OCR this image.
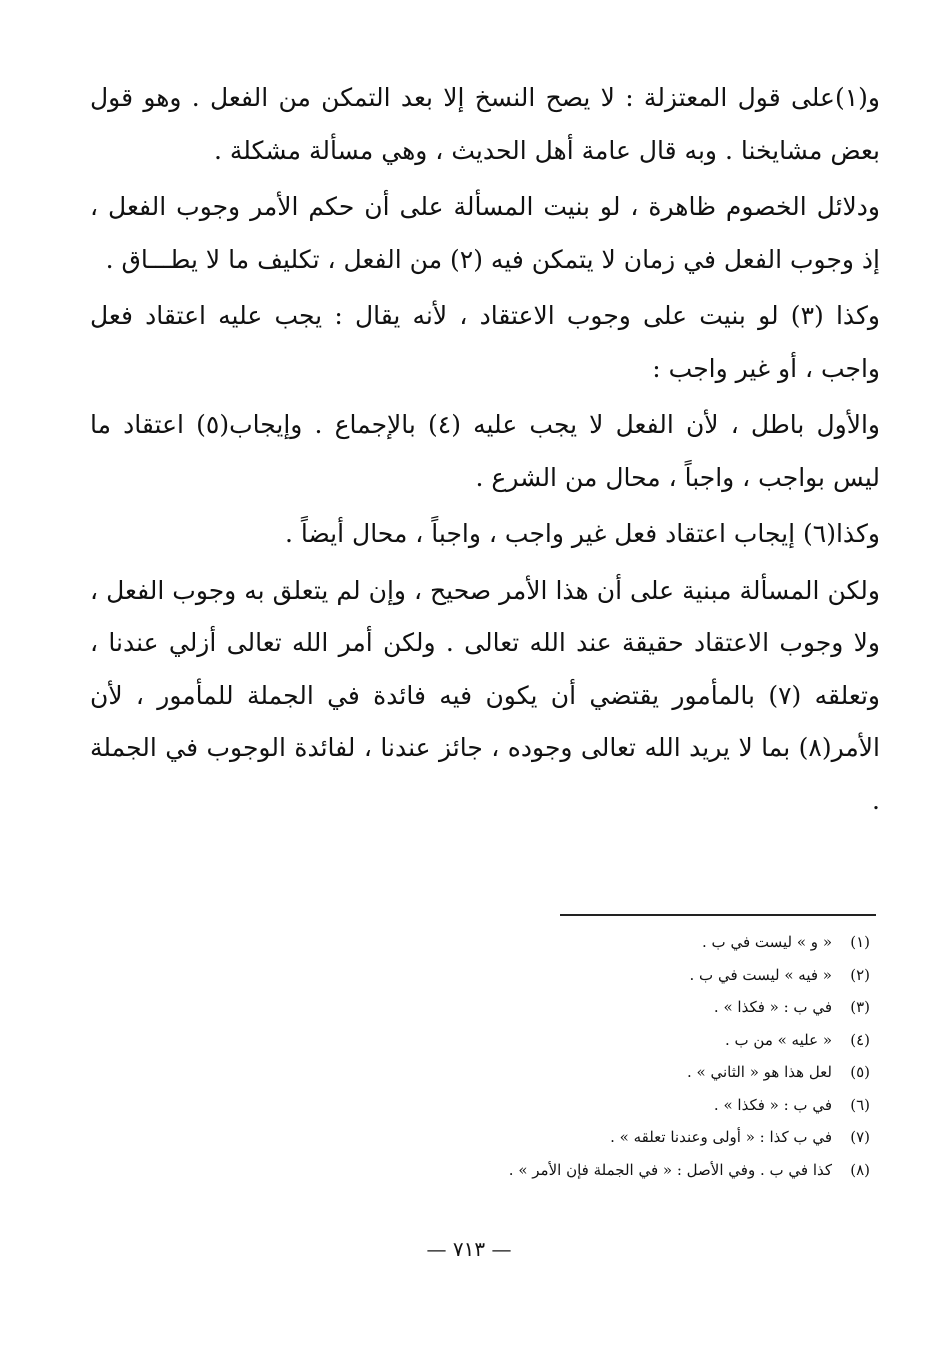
و(١)على قول المعتزلة : لا يصح النسخ إلا بعد التمكن من الفعل . وهو قول بعض مشايخنا . وبه قال عامة أهل الحديث ، وهي مسألة مشكلة .

ودلائل الخصوم ظاهرة ، لو بنيت المسألة على أن حكم الأمر وجوب الفعل ، إذ وجوب الفعل في زمان لا يتمكن فيه (٢) من الفعل ، تكليف ما لا يطـــاق .

وكذا (٣) لو بنيت على وجوب الاعتقاد ، لأنه يقال : يجب عليه اعتقاد فعل واجب ، أو غير واجب :

والأول باطل ، لأن الفعل لا يجب عليه (٤) بالإجماع . وإيجاب(٥) اعتقاد ما ليس بواجب ، واجباً ، محال من الشرع .

وكذا(٦) إيجاب اعتقاد فعل غير واجب ، واجباً ، محال أيضاً .

ولكن المسألة مبنية على أن هذا الأمر صحيح ، وإن لم يتعلق به وجوب الفعل ، ولا وجوب الاعتقاد حقيقة عند الله تعالى . ولكن أمر الله تعالى أزلي عندنا ، وتعلقه (٧) بالمأمور يقتضي أن يكون فيه فائدة في الجملة للمأمور ، لأن الأمر(٨) بما لا يريد الله تعالى وجوده ، جائز عندنا ، لفائدة الوجوب في الجملة .

(١)« و » ليست في ب .
(٢)« فيه » ليست في ب .
(٣)في ب : « فكذا » .
(٤)« عليه » من ب .
(٥)لعل هذا هو « الثاني » .
(٦)في ب : « فكذا » .
(٧)في ب كذا : « أولى وعندنا تعلقه » .
(٨)كذا في ب . وفي الأصل : « في الجملة فإن الأمر » .
— ٧١٣ —
